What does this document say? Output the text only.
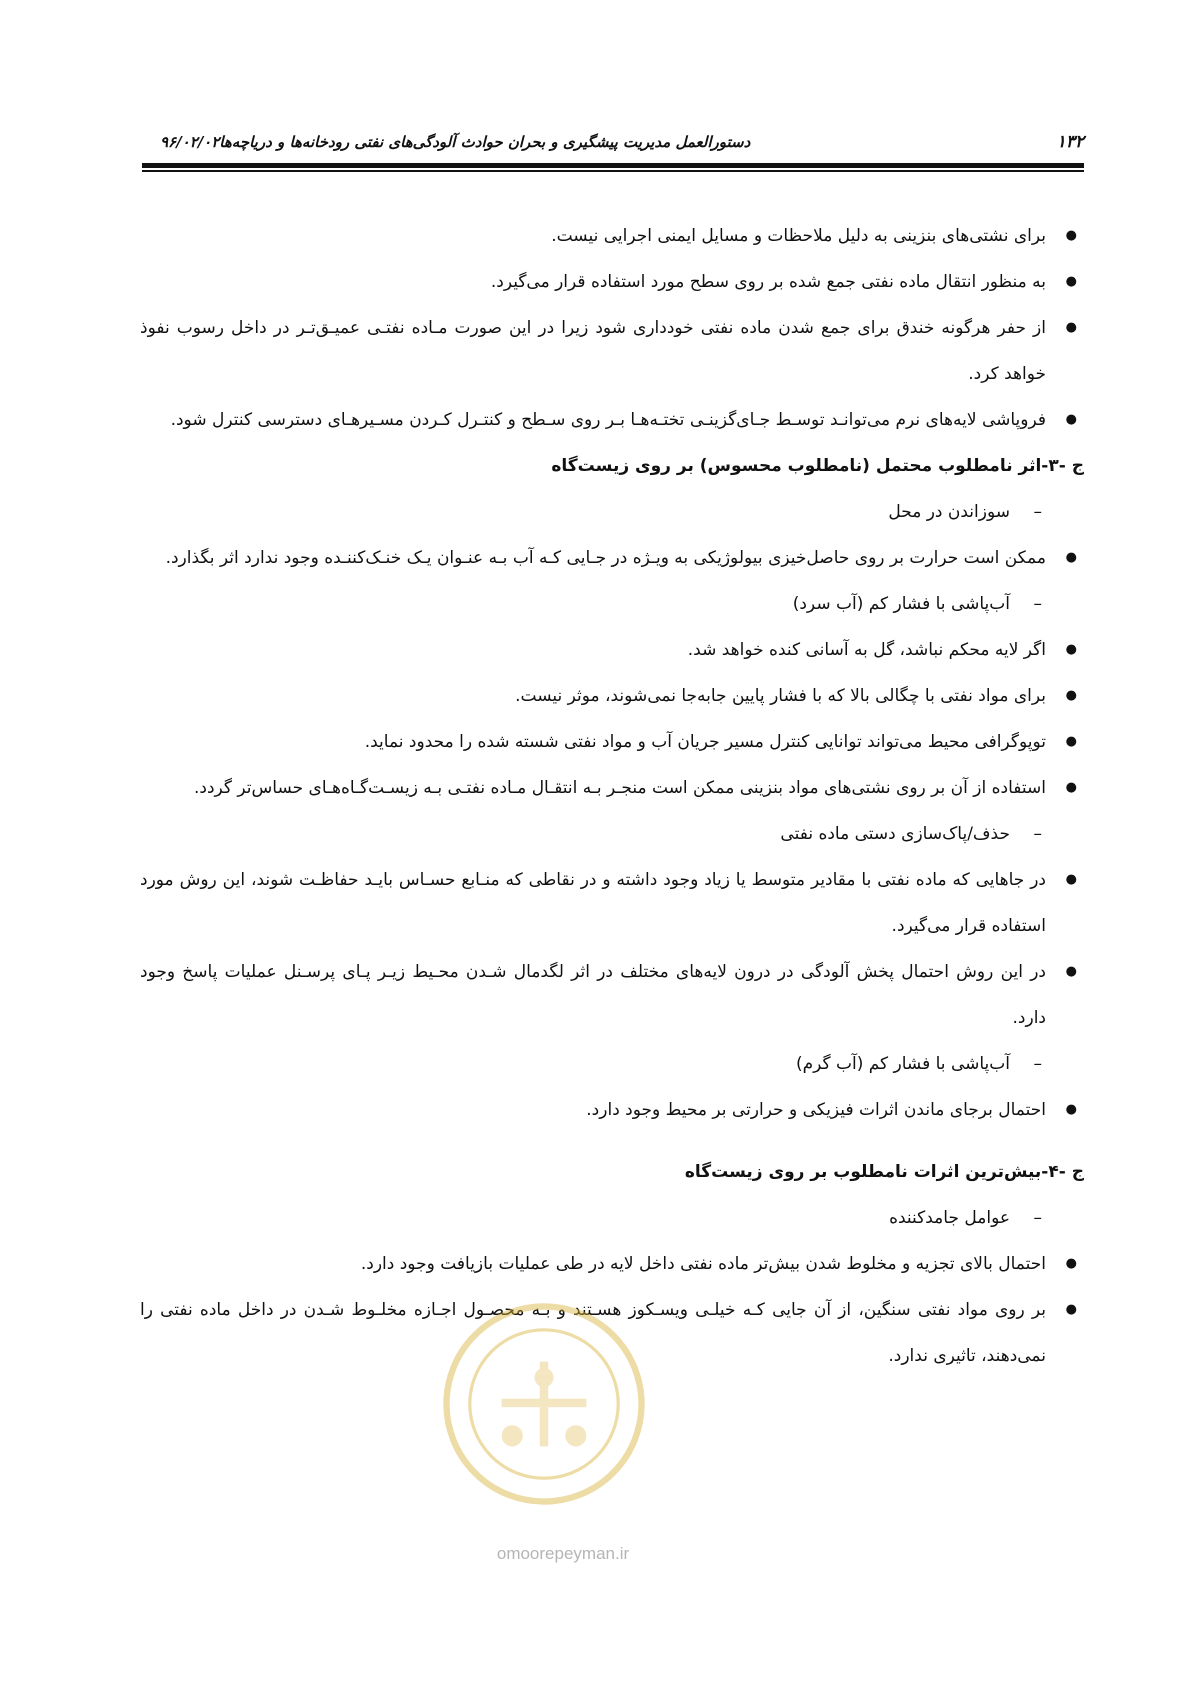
۱۳۲
دستورالعمل مدیریت پیشگیری و بحران حوادث آلودگی‌های نفتی رودخانه‌ها و دریاچه‌ها۹۶/۰۲/۰۲
● برای نشتی‌های بنزینی به دلیل ملاحظات و مسایل ایمنی اجرایی نیست.
● به منظور انتقال ماده نفتی جمع شده بر روی سطح مورد استفاده قرار می‌گیرد.
● از حفر هرگونه خندق برای جمع شدن ماده نفتی خودداری شود زیرا در این صورت مـاده نفتـی عمیـق‌تـر در داخل رسوب نفوذ خواهد کرد.
● فروپاشی لایه‌های نرم می‌توانـد توسـط جـای‌گزینـی تختـه‌هـا بـر روی سـطح و کنتـرل کـردن مسـیرهـای دسترسی کنترل شود.
ج -۳-اثر نامطلوب محتمل (نامطلوب محسوس) بر روی زیست‌گاه
–
سوزاندن در محل
● ممکن است حرارت بر روی حاصل‌خیزی بیولوژیکی به ویـژه در جـایی کـه آب بـه عنـوان یـک خنـک‌کننـده وجود ندارد اثر بگذارد.
–
آب‌پاشی با فشار کم (آب سرد)
● اگر لایه محکم نباشد، گل به آسانی کنده خواهد شد.
● برای مواد نفتی با چگالی بالا که با فشار پایین جابه‌جا نمی‌شوند، موثر نیست.
● توپوگرافی محیط می‌تواند توانایی کنترل مسیر جریان آب و مواد نفتی شسته شده را محدود نماید.
● استفاده از آن بر روی نشتی‌های مواد بنزینی ممکن است منجـر بـه انتقـال مـاده نفتـی بـه زیسـت‌گـاه‌هـای حساس‌تر گردد.
–
حذف/پاک‌سازی دستی ماده نفتی
● در جاهایی که ماده نفتی با مقادیر متوسط یا زیاد وجود داشته و در نقاطی که منـابع حسـاس بایـد حفاظـت شوند، این روش مورد استفاده قرار می‌گیرد.
● در این روش احتمال پخش آلودگی در درون لایه‌های مختلف در اثر لگدمال شـدن محـیط زیـر پـای پرسـنل عملیات پاسخ وجود دارد.
–
آب‌پاشی با فشار کم (آب گرم)
● احتمال برجای ماندن اثرات فیزیکی و حرارتی بر محیط وجود دارد.
ج -۴-بیش‌ترین اثرات نامطلوب بر روی زیست‌گاه
–
عوامل جامدکننده
● احتمال بالای تجزیه و مخلوط شدن بیش‌تر ماده نفتی داخل لایه در طی عملیات بازیافت وجود دارد.
● بر روی مواد نفتی سنگین، از آن جایی کـه خیلـی ویسـکوز هسـتند و بـه محصـول اجـازه مخلـوط شـدن در داخل ماده نفتی را نمی‌دهند، تاثیری ندارد.
omoorepeyman.ir
